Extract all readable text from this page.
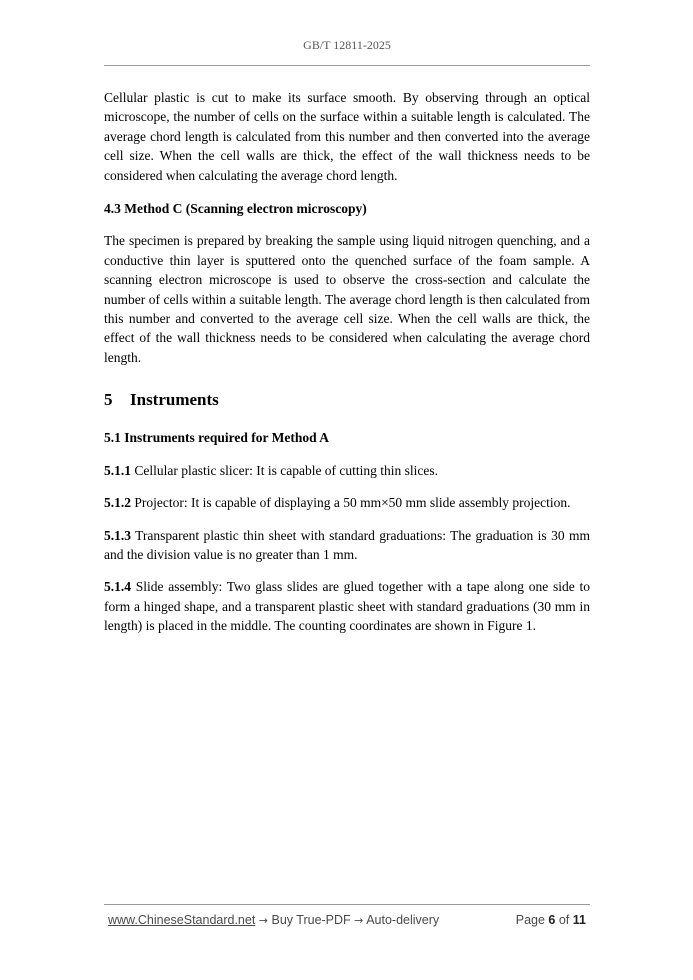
GB/T 12811-2025

Cellular plastic is cut to make its surface smooth. By observing through an optical microscope, the number of cells on the surface within a suitable length is calculated. The average chord length is calculated from this number and then converted into the average cell size. When the cell walls are thick, the effect of the wall thickness needs to be considered when calculating the average chord length.

4.3 Method C (Scanning electron microscopy)

The specimen is prepared by breaking the sample using liquid nitrogen quenching, and a conductive thin layer is sputtered onto the quenched surface of the foam sample. A scanning electron microscope is used to observe the cross-section and calculate the number of cells within a suitable length. The average chord length is then calculated from this number and converted to the average cell size. When the cell walls are thick, the effect of the wall thickness needs to be considered when calculating the average chord length.

5 Instruments

5.1 Instruments required for Method A

5.1.1 Cellular plastic slicer: It is capable of cutting thin slices.

5.1.2 Projector: It is capable of displaying a 50 mm×50 mm slide assembly projection.

5.1.3 Transparent plastic thin sheet with standard graduations: The graduation is 30 mm and the division value is no greater than 1 mm.

5.1.4 Slide assembly: Two glass slides are glued together with a tape along one side to form a hinged shape, and a transparent plastic sheet with standard graduations (30 mm in length) is placed in the middle. The counting coordinates are shown in Figure 1.

www.ChineseStandard.net → Buy True-PDF → Auto-delivery	Page 6 of 11
